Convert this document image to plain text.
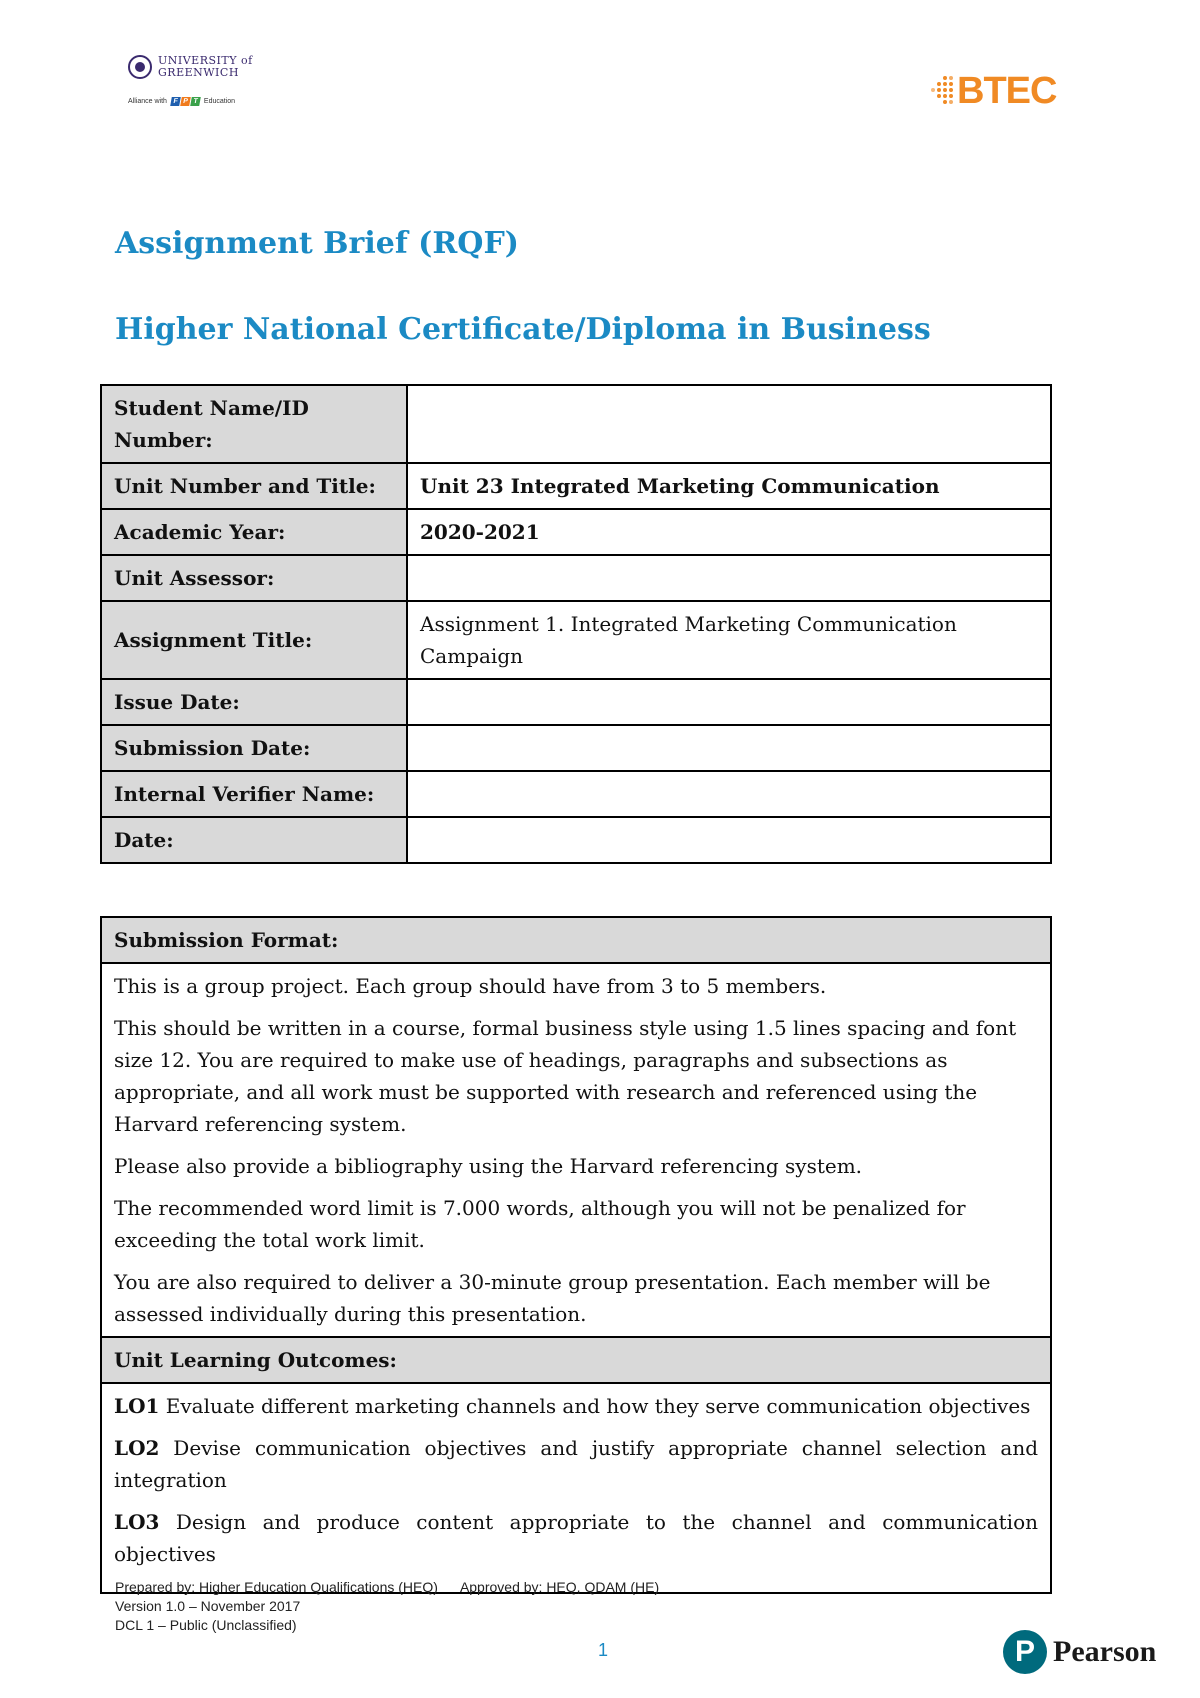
UNIVERSITY of GREENWICH
Alliance with F P T Education	BTEC
Assignment Brief (RQF)
Higher National Certificate/Diploma in Business
Student Name/ID Number:	
Unit Number and Title:	Unit 23 Integrated Marketing Communication
Academic Year:	2020-2021
Unit Assessor:	
Assignment Title:	Assignment 1. Integrated Marketing Communication Campaign
Issue Date:	
Submission Date:	
Internal Verifier Name:	
Date:	
Submission Format:

This is a group project. Each group should have from 3 to 5 members.

This should be written in a course, formal business style using 1.5 lines spacing and font size 12. You are required to make use of headings, paragraphs and subsections as appropriate, and all work must be supported with research and referenced using the Harvard referencing system.

Please also provide a bibliography using the Harvard referencing system.

The recommended word limit is 7.000 words, although you will not be penalized for exceeding the total work limit.

You are also required to deliver a 30-minute group presentation. Each member will be assessed individually during this presentation.

Unit Learning Outcomes:

LO1 Evaluate different marketing channels and how they serve communication objectives

LO2 Devise communication objectives and justify appropriate channel selection and integration

LO3 Design and produce content appropriate to the channel and communication objectives

Prepared by: Higher Education Qualifications (HEQ) Approved by: HEQ, QDAM (HE)
Version 1.0 – November 2017
DCL 1 – Public (Unclassified)
1	P Pearson
